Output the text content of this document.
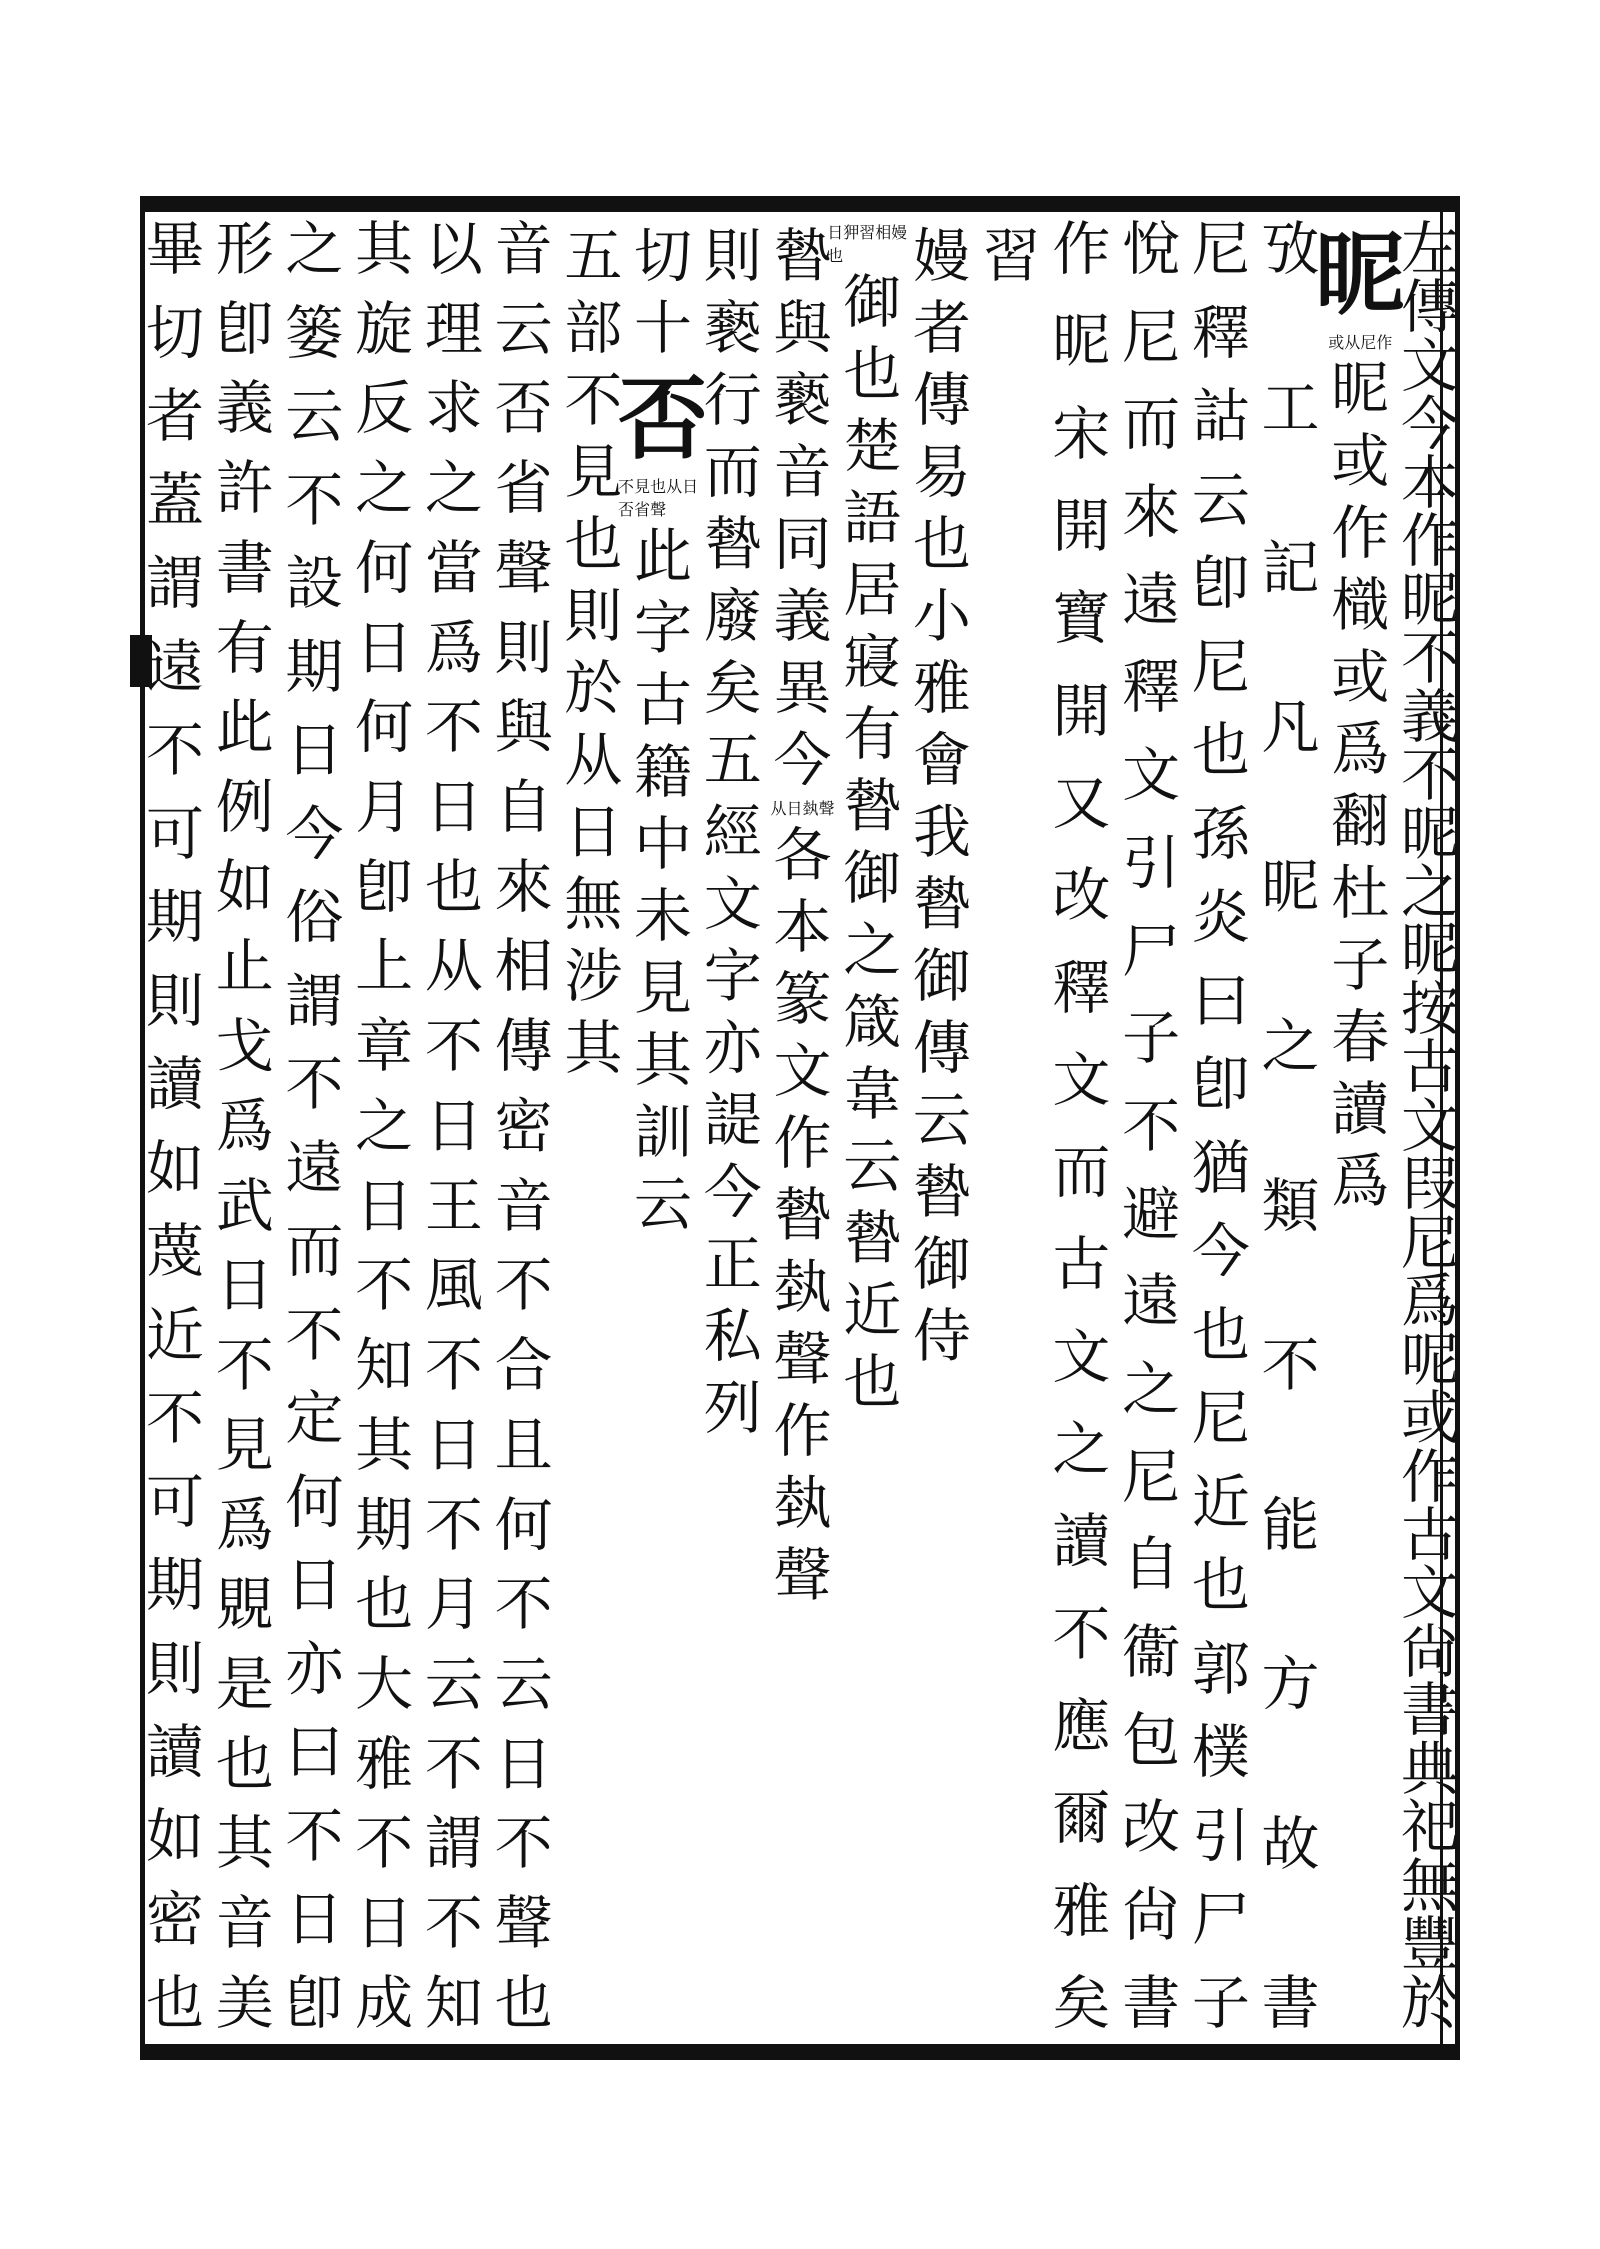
左
傳
文
今
本
作
昵
不
義
不
昵
之
昵
按
古
文
叚
尼
爲
呢
或
作
古
文
尙
書
典
祀
無
豐
於
昵
或从尼作
昵
或
作
樴
或
爲
翻
杜
子
春
讀
爲
攷
工
記
凡
昵
之
類
不
能
方
故
書
尼
釋
詁
云
卽
尼
也
孫
炎
曰
卽
猶
今
也
尼
近
也
郭
樸
引
尸
子
悅
尼
而
來
遠
釋
文
引
尸
子
不
避
遠
之
尼
自
衞
包
改
尙
書
作
昵
宋
開
寶
開
又
改
釋
文
而
古
文
之
讀
不
應
爾
雅
矣
習
嫚
者
傳
易
也
小
雅
會
我
暬
御
傳
云
暬
御
侍
日狎習相嫚也
御
也
楚
語
居
寢
有
暬
御
之
箴
韋
云
暬
近
也
暬
與
褻
音
同
義
異
今
从日埶聲
各
本
篆
文
作
暬
埶
聲
作
埶
聲
則
褻
行
而
暬
廢
矣
五
經
文
字
亦
諟
今
正
私
列
切
十
否
不見也从日否省聲
此
字
古
籍
中
未
見
其
訓
云
五
部
不
見
也
則
於
从
日
無
涉
其
音
云
否
省
聲
則
與
自
來
相
傳
密
音
不
合
且
何
不
云
日
不
聲
也
以
理
求
之
當
爲
不
日
也
从
不
日
王
風
不
日
不
月
云
不
謂
不
知
其
旋
反
之
何
日
何
月
卽
上
章
之
日
不
知
其
期
也
大
雅
不
日
成
之
篓
云
不
設
期
日
今
俗
謂
不
遠
而
不
定
何
日
亦
曰
不
日
卽
形
卽
義
許
書
有
此
例
如
止
戈
爲
武
日
不
見
爲
覞
是
也
其
音
美
畢
切
者
蓋
謂
遠
不
可
期
則
讀
如
蔑
近
不
可
期
則
讀
如
密
也
